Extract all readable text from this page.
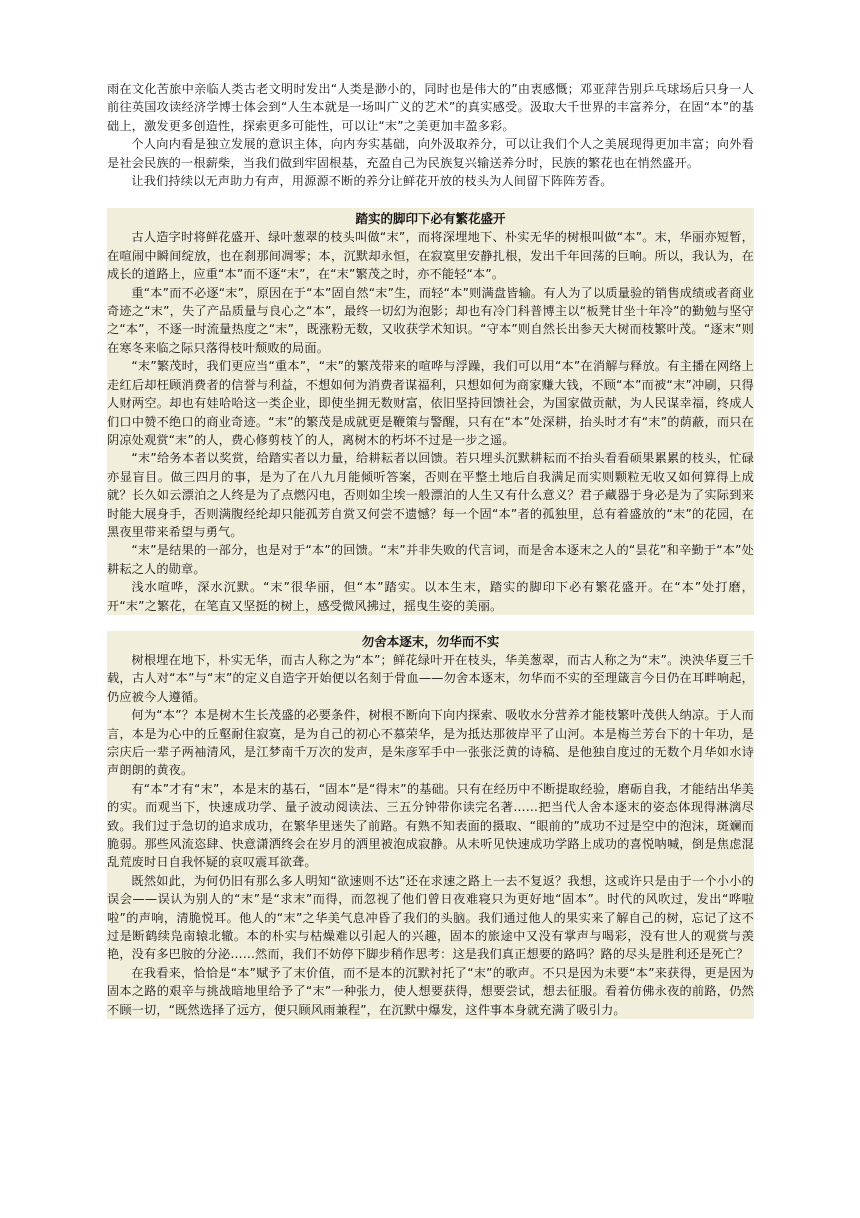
雨在文化苦旅中亲临人类古老文明时发出“人类是渺小的，同时也是伟大的”由衷感慨；邓亚萍告别乒乓球场后只身一人前往英国攻读经济学博士体会到“人生本就是一场叫广义的艺术”的真实感受。汲取大千世界的丰富养分，在固“本”的基础上，激发更多创造性，探索更多可能性，可以让“末”之美更加丰盈多彩。

个人向内看是独立发展的意识主体，向内夯实基础，向外汲取养分，可以让我们个人之美展现得更加丰富；向外看是社会民族的一根薪柴，当我们做到牢固根基，充盈自己为民族复兴输送养分时，民族的繁花也在悄然盛开。

让我们持续以无声助力有声，用源源不断的养分让鲜花开放的枝头为人间留下阵阵芳香。

踏实的脚印下必有繁花盛开

古人造字时将鲜花盛开、绿叶葱翠的枝头叫做“末”，而将深埋地下、朴实无华的树根叫做“本”。末，华丽亦短暂，在喧闹中瞬间绽放，也在刹那间凋零；本，沉默却永恒，在寂寞里安静扎根，发出千年回荡的巨响。所以，我认为，在成长的道路上，应重“本”而不逐“末”，在“末”繁茂之时，亦不能轻“本”。

重“本”而不必逐“末”，原因在于“本”固自然“末”生，而轻“本”则满盘皆输。有人为了以质量验的销售成绩或者商业奇迹之“末”，失了产品质量与良心之“本”，最终一切幻为泡影；却也有冷门科普博主以“板凳甘坐十年冷”的勤勉与坚守之“本”，不逐一时流量热度之“末”，既涨粉无数，又收获学术知识。“守本”则自然长出参天大树而枝繁叶茂。“逐末”则在寒冬来临之际只落得枝叶颓败的局面。

“末”繁茂时，我们更应当“重本”，“末”的繁茂带来的喧哗与浮躁，我们可以用“本”在消解与释放。有主播在网络上走红后却枉顾消费者的信誉与利益，不想如何为消费者谋福利，只想如何为商家赚大钱，不顾“本”而被“末”冲刷，只得人财两空。却也有娃哈哈这一类企业，即使坐拥无数财富，依旧坚持回馈社会，为国家做贡献，为人民谋幸福，终成人们口中赞不绝口的商业奇迹。“末”的繁茂是成就更是鞭策与警醒，只有在“本”处深耕，抬头时才有“末”的荫蔽，而只在阴凉处观赏“末”的人，费心修剪枝丫的人，离树木的朽坏不过是一步之遥。

“末”给务本者以奖赏，给踏实者以力量，给耕耘者以回馈。若只埋头沉默耕耘而不抬头看看硕果累累的枝头，忙碌亦显盲目。做三四月的事，是为了在八九月能倾听答案，否则在平整土地后自我满足而实则颗粒无收又如何算得上成就？长久如云漂泊之人终是为了点燃闪电，否则如尘埃一般漂泊的人生又有什么意义？君子藏器于身必是为了实际到来时能大展身手，否则满腹经纶却只能孤芳自赏又何尝不遗憾？每一个固“本”者的孤独里，总有着盛放的“末”的花园，在黑夜里带来希望与勇气。

“末”是结果的一部分，也是对于“本”的回馈。“末”并非失败的代言词，而是舍本逐末之人的“昙花”和辛勤于“本”处耕耘之人的勋章。

浅水喧哗，深水沉默。“末”很华丽，但“本”踏实。以本生末，踏实的脚印下必有繁花盛开。在“本”处打磨，开“末”之繁花，在笔直又坚挺的树上，感受微风拂过，摇曳生姿的美丽。

勿舍本逐末，勿华而不实

树根埋在地下，朴实无华，而古人称之为“本”；鲜花绿叶开在枝头，华美葱翠，而古人称之为“末”。泱泱华夏三千载，古人对“本”与“末”的定义自造字开始便以名刻于骨血——勿舍本逐末，勿华而不实的至理箴言今日仍在耳畔响起，仍应被今人遵循。

何为“本”？本是树木生长茂盛的必要条件，树根不断向下向内探索、吸收水分营养才能枝繁叶茂供人纳凉。于人而言，本是为心中的丘壑耐住寂寞，是为自己的初心不慕荣华，是为抵达那彼岸平了山河。本是梅兰芳台下的十年功，是宗庆后一辈子两袖清风，是江梦南千万次的发声，是朱彦军手中一张张泛黄的诗稿、是他独自度过的无数个月华如水诗声朗朗的黄夜。

有“本”才有“末”，本是末的基石，“固本”是“得末”的基础。只有在经历中不断提取经验，磨砺自我，才能结出华美的实。而观当下，快速成功学、量子波动阅读法、三五分钟带你读完名著……把当代人舍本逐末的姿态体现得淋漓尽致。我们过于急切的追求成功，在繁华里迷失了前路。有熟不知表面的摄取、“眼前的”成功不过是空中的泡沫，斑斓而脆弱。那些风流恣肆、快意潇洒终会在岁月的洒里被泡成寂静。从未听见快速成功学路上成功的喜悦呐喊，倒是焦虑混乱荒废时日自我怀疑的哀叹震耳欲聋。

既然如此，为何仍旧有那么多人明知“欲速则不达”还在求速之路上一去不复返？我想，这或许只是由于一个小小的误会——误认为别人的“末”是“求末”而得，而忽视了他们曾日夜难寝只为更好地“固本”。时代的风吹过，发出“哗啦啦”的声响，清脆悦耳。他人的“末”之华美气息冲昏了我们的头脑。我们通过他人的果实来了解自己的树，忘记了这不过是断鹤续凫南辕北辙。本的朴实与枯燥难以引起人的兴趣，固本的旅途中又没有掌声与喝彩，没有世人的观赏与羡艳，没有多巴胺的分泌……然而，我们不妨停下脚步稍作思考：这是我们真正想要的路吗？路的尽头是胜利还是死亡？

在我看来，恰恰是“本”赋予了末价值，而不是本的沉默衬托了“末”的歌声。不只是因为未要“本”来获得，更是因为固本之路的艰辛与挑战暗地里给予了“末”一种张力，使人想要获得，想要尝试，想去征服。看着仿佛永夜的前路，仍然不顾一切，“既然选择了远方，便只顾风雨兼程”，在沉默中爆发，这件事本身就充满了吸引力。
